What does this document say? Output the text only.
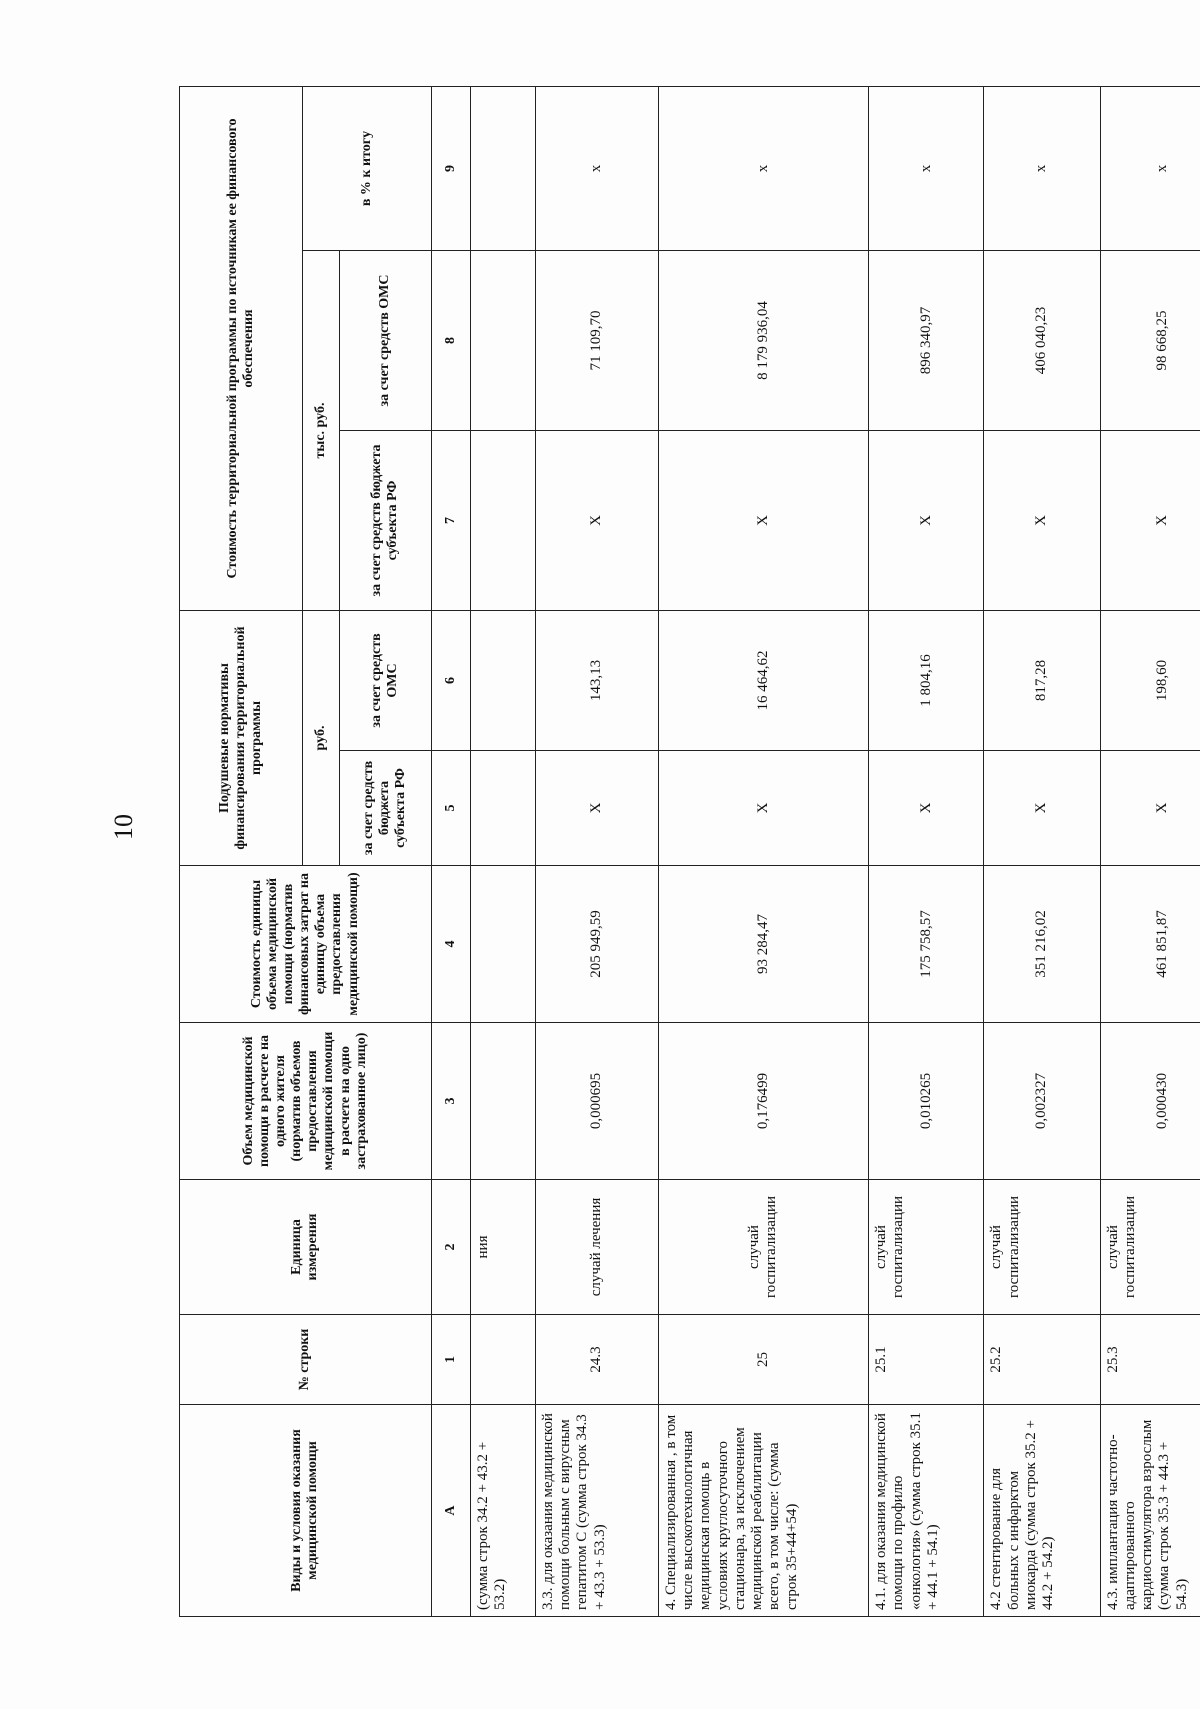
10
Виды и условия оказания медицинской помощи	№ строки	Единица измерения	Объем медицинской помощи в расчете на одного жителя (норматив объемов предоставления медицинской помощи в расчете на одно застрахованное лицо)	Стоимость единицы объема медицинской помощи (норматив финансовых затрат на единицу объема предоставления медицинской помощи)	Подушевые нормативы финансирования территориальной программы		Стоимость территориальной программы по источникам ее финансового обеспечения		
					руб.		тыс. руб.		в % к итогу
					за счет средств бюджета субъекта РФ	за счет средств ОМС	за счет средств бюджета субъекта РФ	за счет средств ОМС	
А	1	2	3	4	5	6	7	8	9
(сумма строк 34.2 + 43.2 + 53.2)		ния							
3.3. для оказания медицинской помощи больным с вирусным гепатитом С (сумма строк 34.3 + 43.3 + 53.3)	24.3	случай лечения	0,000695	205 949,59	Х	143,13	Х	71 109,70	х
4. Специализированная , в том числе высокотехнологичная медицинская помощь в условиях круглосуточного стационара, за исключением медицинской реабилитации всего, в том числе: (сумма строк 35+44+54)	25	случай госпитализации	0,176499	93 284,47	Х	16 464,62	Х	8 179 936,04	х
4.1. для оказания медицинской помощи по профилю «онкология» (сумма строк 35.1 + 44.1 + 54.1)	25.1	случай госпитализации	0,010265	175 758,57	Х	1 804,16	Х	896 340,97	х
4.2 стентирование для больных с инфарктом миокарда (сумма строк 35.2 + 44.2 + 54.2)	25.2	случай госпитализации	0,002327	351 216,02	Х	817,28	Х	406 040,23	х
4.3. имплантация частотно-адаптированного кардиостимулятора взрослым (сумма строк 35.3 + 44.3 + 54.3)	25.3	случай госпитализации	0,000430	461 851,87	Х	198,60	Х	98 668,25	х
